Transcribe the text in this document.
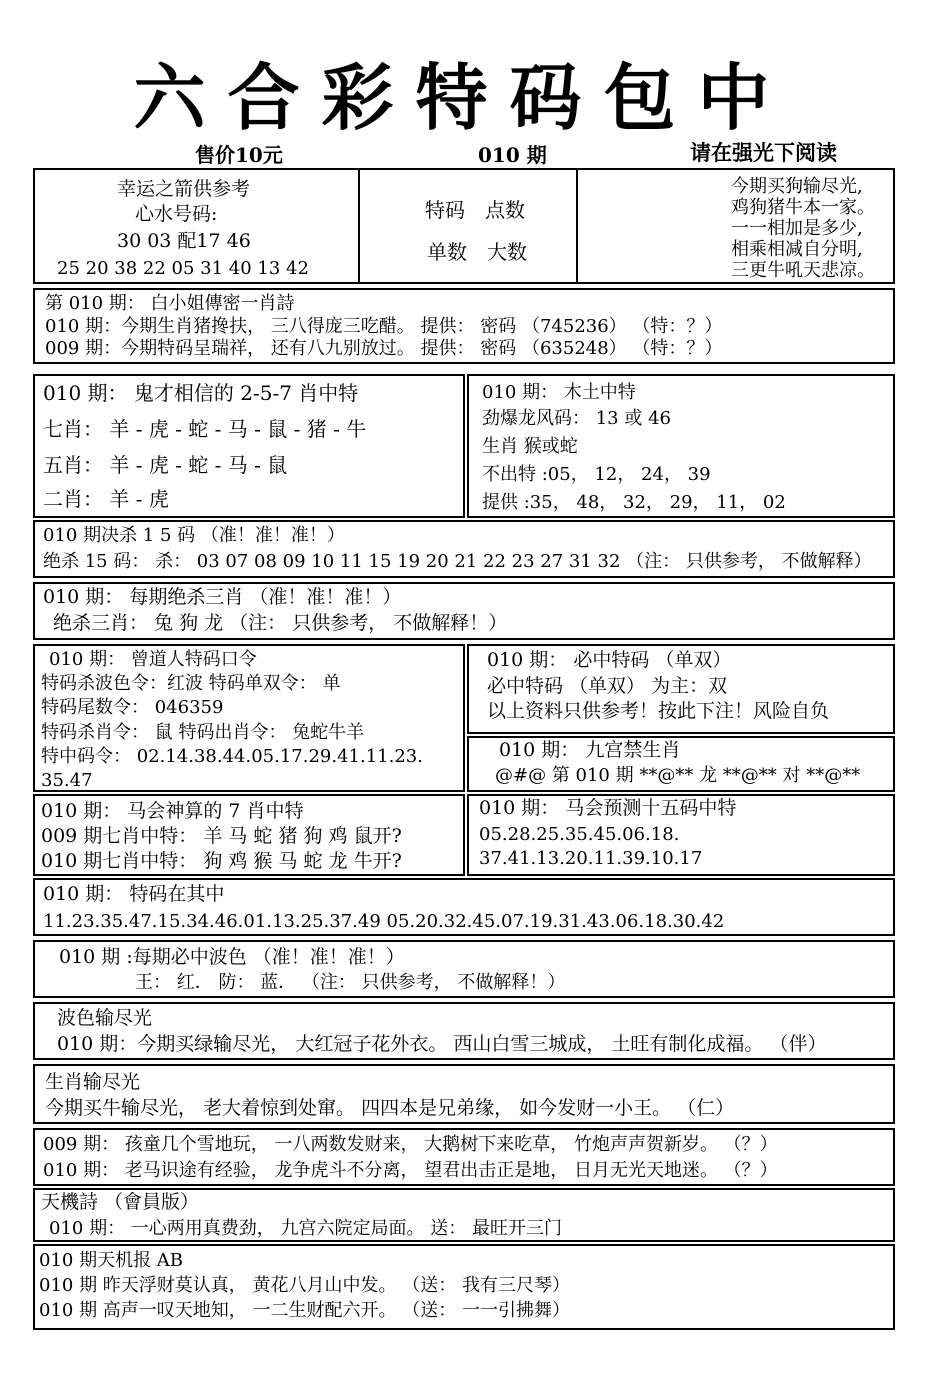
六合彩特码包中
售价10元	010 期	请在强光下阅读
幸运之箭供参考
心水号码:
30 03 配17 46
25 20 38 22 05 31 40 13 42
特码　点数
单数　大数
今期买狗输尽光,
鸡狗猪牛本一家。
一一相加是多少,
相乘相减自分明,
三更牛吼天悲凉。
第 010 期： 白小姐傳密一肖詩
010 期：今期生肖猪搀扶， 三八得庞三吃醋。 提供： 密码 （745236） （特：？）
009 期：今期特码呈瑞祥， 还有八九别放过。 提供： 密码 （635248） （特：？）
010 期： 鬼才相信的 2-5-7 肖中特
七肖： 羊 - 虎 - 蛇 - 马 - 鼠 - 猪 - 牛
五肖： 羊 - 虎 - 蛇 - 马 - 鼠
二肖： 羊 - 虎
010 期： 木土中特
劲爆龙风码： 13 或 46
生肖 猴或蛇
不出特 :05， 12， 24， 39
提供 :35， 48， 32， 29， 11， 02
010 期决杀 1 5 码 （准！准！准！）
绝杀 15 码： 杀： 03 07 08 09 10 11 15 19 20 21 22 23 27 31 32 （注： 只供参考， 不做解释）
010 期： 每期绝杀三肖 （准！准！准！）
绝杀三肖： 兔 狗 龙 （注： 只供参考， 不做解释！）
010 期： 曾道人特码口令
特码杀波色令：红波 特码单双令： 单
特码尾数令： 046359
特码杀肖令： 鼠 特码出肖令： 兔蛇牛羊
特中码令： 02.14.38.44.05.17.29.41.11.23.
35.47
010 期： 必中特码 （单双）
必中特码 （单双） 为主：双
以上资料只供参考！按此下注！风险自负
010 期： 九宫禁生肖
@#@ 第 010 期 **@** 龙 **@** 对 **@**
010 期： 马会神算的 7 肖中特
009 期七肖中特： 羊 马 蛇 猪 狗 鸡 鼠开?
010 期七肖中特： 狗 鸡 猴 马 蛇 龙 牛开?
010 期： 马会预测十五码中特
05.28.25.35.45.06.18.
37.41.13.20.11.39.10.17
010 期： 特码在其中
11.23.35.47.15.34.46.01.13.25.37.49 05.20.32.45.07.19.31.43.06.18.30.42
010 期 :每期必中波色 （准！准！准！）
王： 红． 防： 蓝． （注： 只供参考， 不做解释！）
波色输尽光
010 期：今期买绿输尽光， 大红冠子花外衣。 西山白雪三城成， 土旺有制化成福。 （伴）
生肖输尽光
今期买牛输尽光， 老大着惊到处窜。 四四本是兄弟缘， 如今发财一小王。 （仁）
009 期： 孩童几个雪地玩， 一八两数发财来， 大鹅树下来吃草， 竹炮声声贺新岁。 （？）
010 期： 老马识途有经验， 龙争虎斗不分离， 望君出击正是地， 日月无光天地迷。 （？）
天機詩 （會員版）
010 期： 一心两用真费劲， 九宫六院定局面。 送： 最旺开三门
010 期天机报 AB
010 期 昨天浮财莫认真， 黄花八月山中发。 （送： 我有三尺琴）
010 期 高声一叹天地知， 一二生财配六开。 （送： 一一引拂舞）
